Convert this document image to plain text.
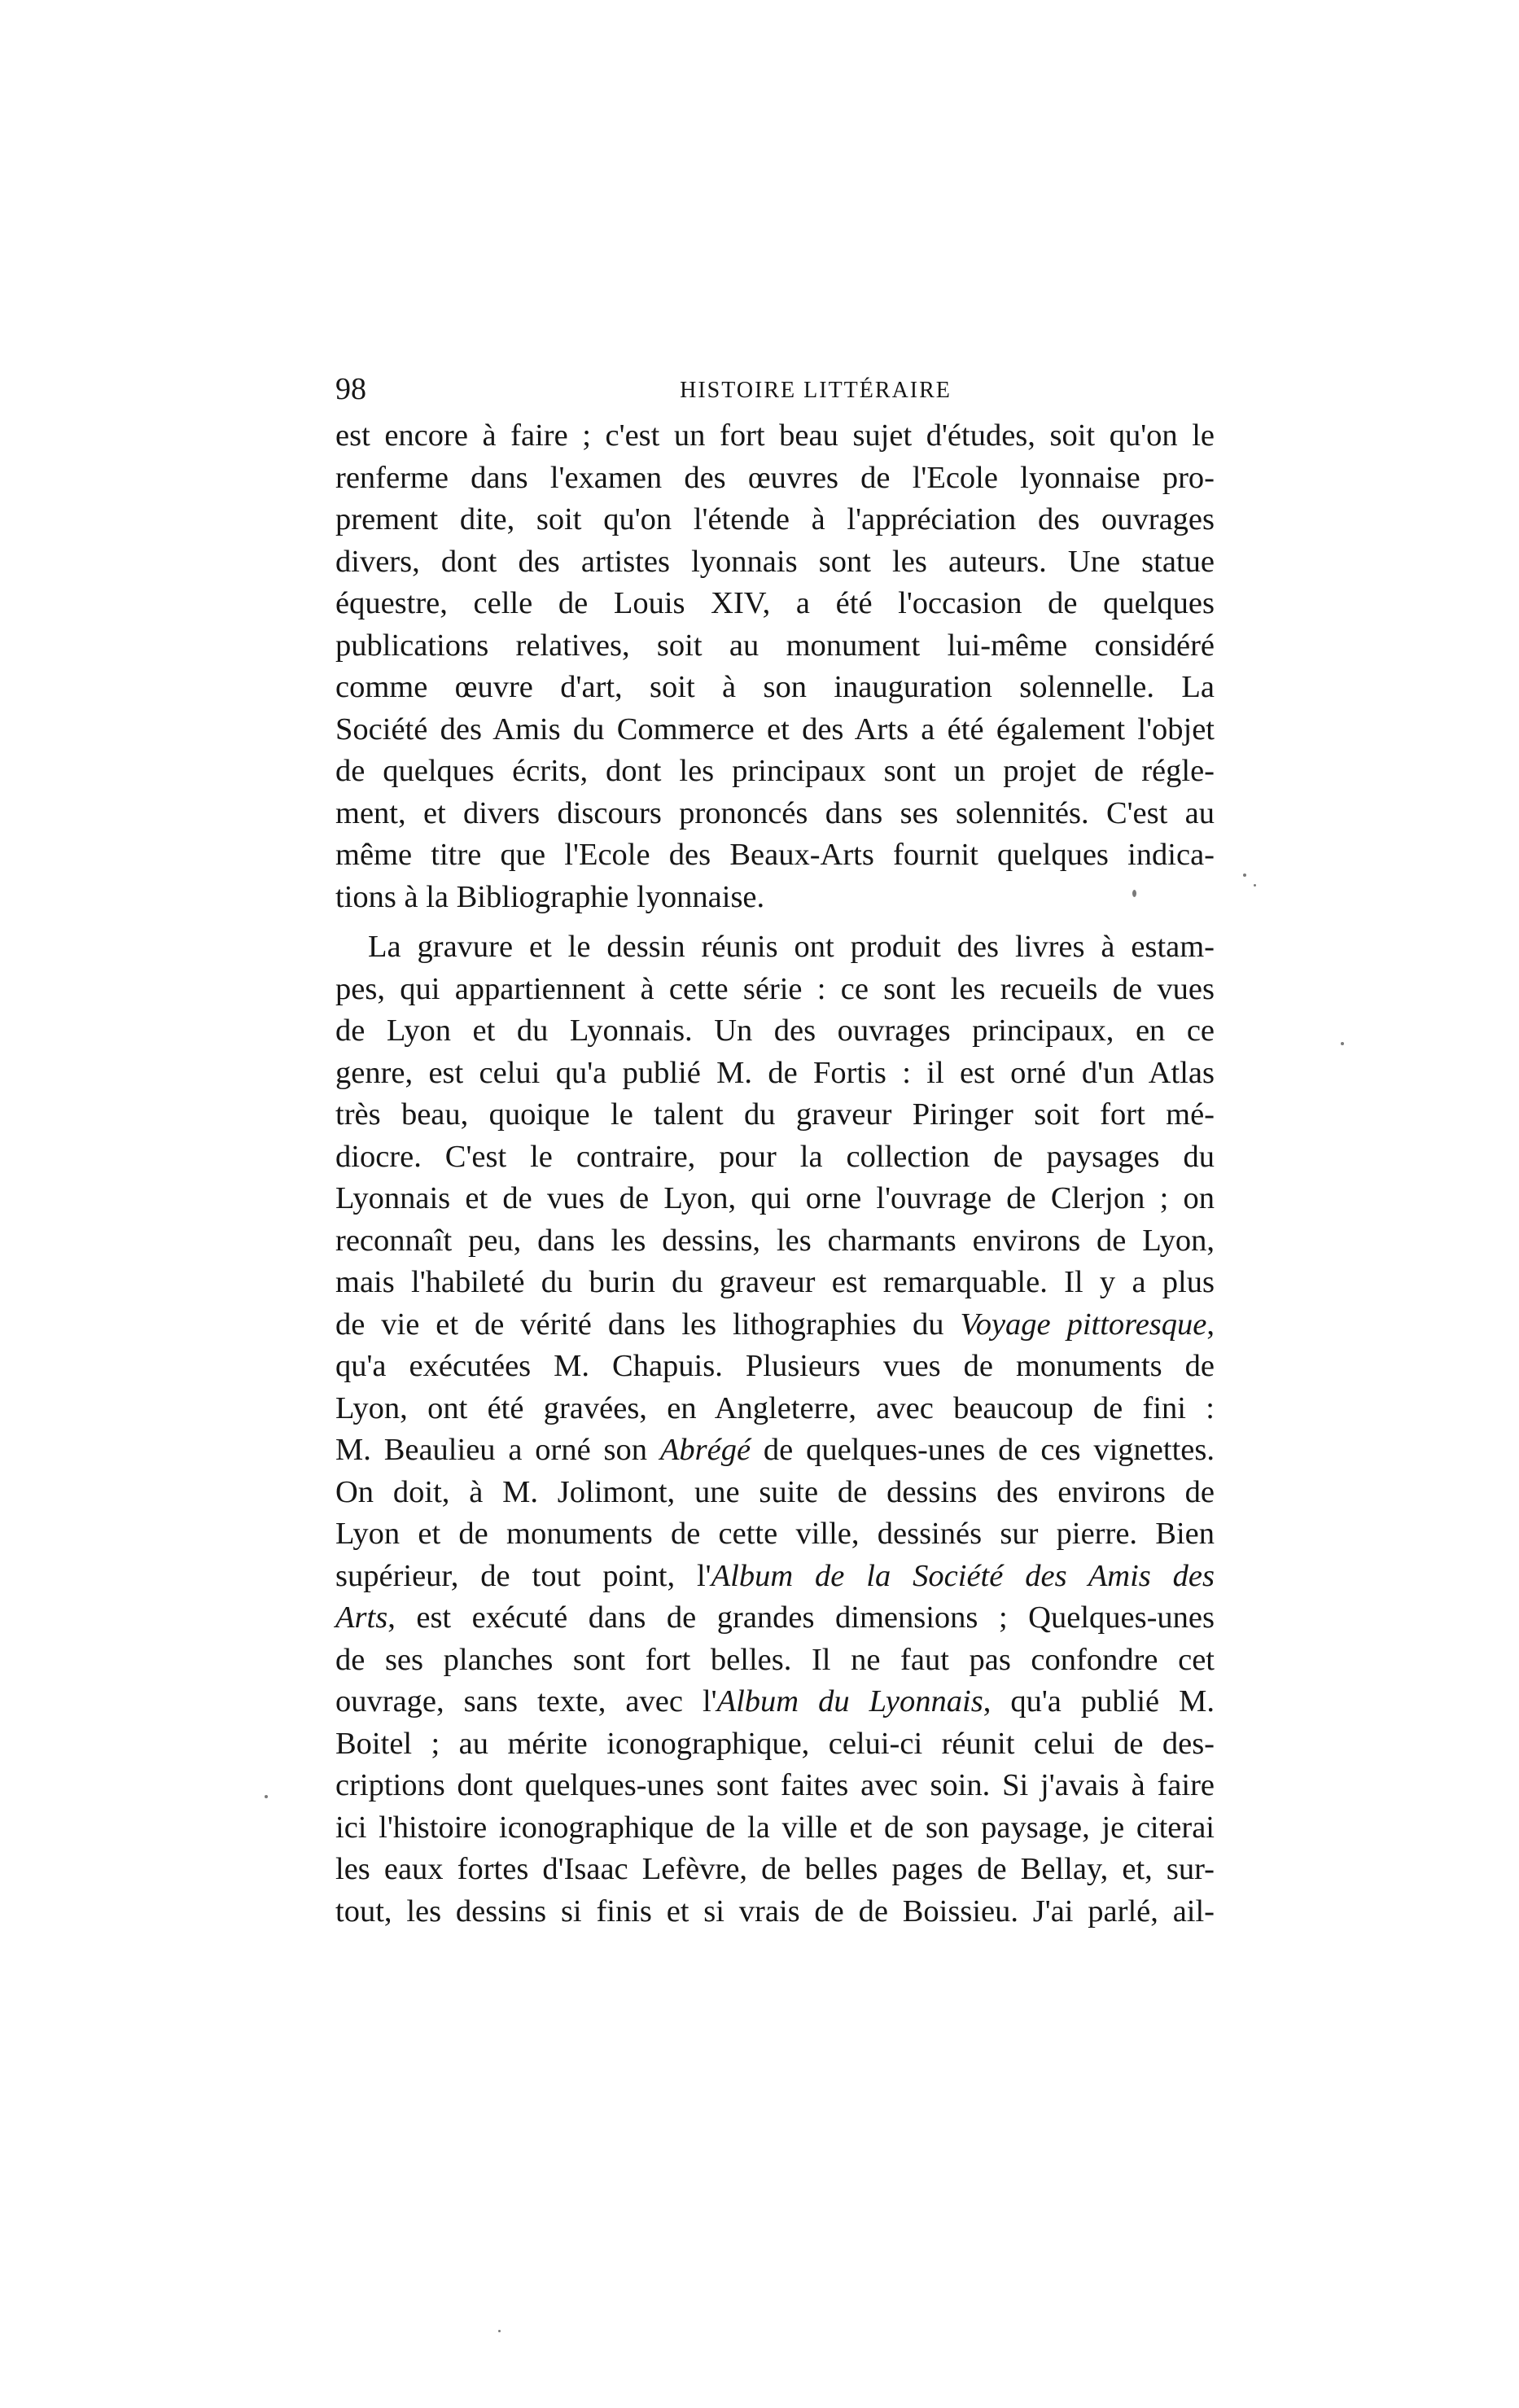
98	HISTOIRE LITTÉRAIRE
est encore à faire ; c'est un fort beau sujet d'études, soit qu'on le
renferme dans l'examen des œuvres de l'Ecole lyonnaise pro-
prement dite, soit qu'on l'étende à l'appréciation des ouvrages
divers, dont des artistes lyonnais sont les auteurs. Une statue
équestre, celle de Louis XIV, a été l'occasion de quelques
publications relatives, soit au monument lui-même considéré
comme œuvre d'art, soit à son inauguration solennelle. La
Société des Amis du Commerce et des Arts a été également l'objet
de quelques écrits, dont les principaux sont un projet de régle-
ment, et divers discours prononcés dans ses solennités. C'est au
même titre que l'Ecole des Beaux-Arts fournit quelques indica-
tions à la Bibliographie lyonnaise.
La gravure et le dessin réunis ont produit des livres à estam-
pes, qui appartiennent à cette série : ce sont les recueils de vues
de Lyon et du Lyonnais. Un des ouvrages principaux, en ce
genre, est celui qu'a publié M. de Fortis : il est orné d'un Atlas
très beau, quoique le talent du graveur Piringer soit fort mé-
diocre. C'est le contraire, pour la collection de paysages du
Lyonnais et de vues de Lyon, qui orne l'ouvrage de Clerjon ; on
reconnaît peu, dans les dessins, les charmants environs de Lyon,
mais l'habileté du burin du graveur est remarquable. Il y a plus
de vie et de vérité dans les lithographies du Voyage pittoresque,
qu'a exécutées M. Chapuis. Plusieurs vues de monuments de
Lyon, ont été gravées, en Angleterre, avec beaucoup de fini :
M. Beaulieu a orné son Abrégé de quelques-unes de ces vignettes.
On doit, à M. Jolimont, une suite de dessins des environs de
Lyon et de monuments de cette ville, dessinés sur pierre. Bien
supérieur, de tout point, l'Album de la Société des Amis des
Arts, est exécuté dans de grandes dimensions ; Quelques-unes
de ses planches sont fort belles. Il ne faut pas confondre cet
ouvrage, sans texte, avec l'Album du Lyonnais, qu'a publié M.
Boitel ; au mérite iconographique, celui-ci réunit celui de des-
criptions dont quelques-unes sont faites avec soin. Si j'avais à faire
ici l'histoire iconographique de la ville et de son paysage, je citerai
les eaux fortes d'Isaac Lefèvre, de belles pages de Bellay, et, sur-
tout, les dessins si finis et si vrais de de Boissieu. J'ai parlé, ail-
